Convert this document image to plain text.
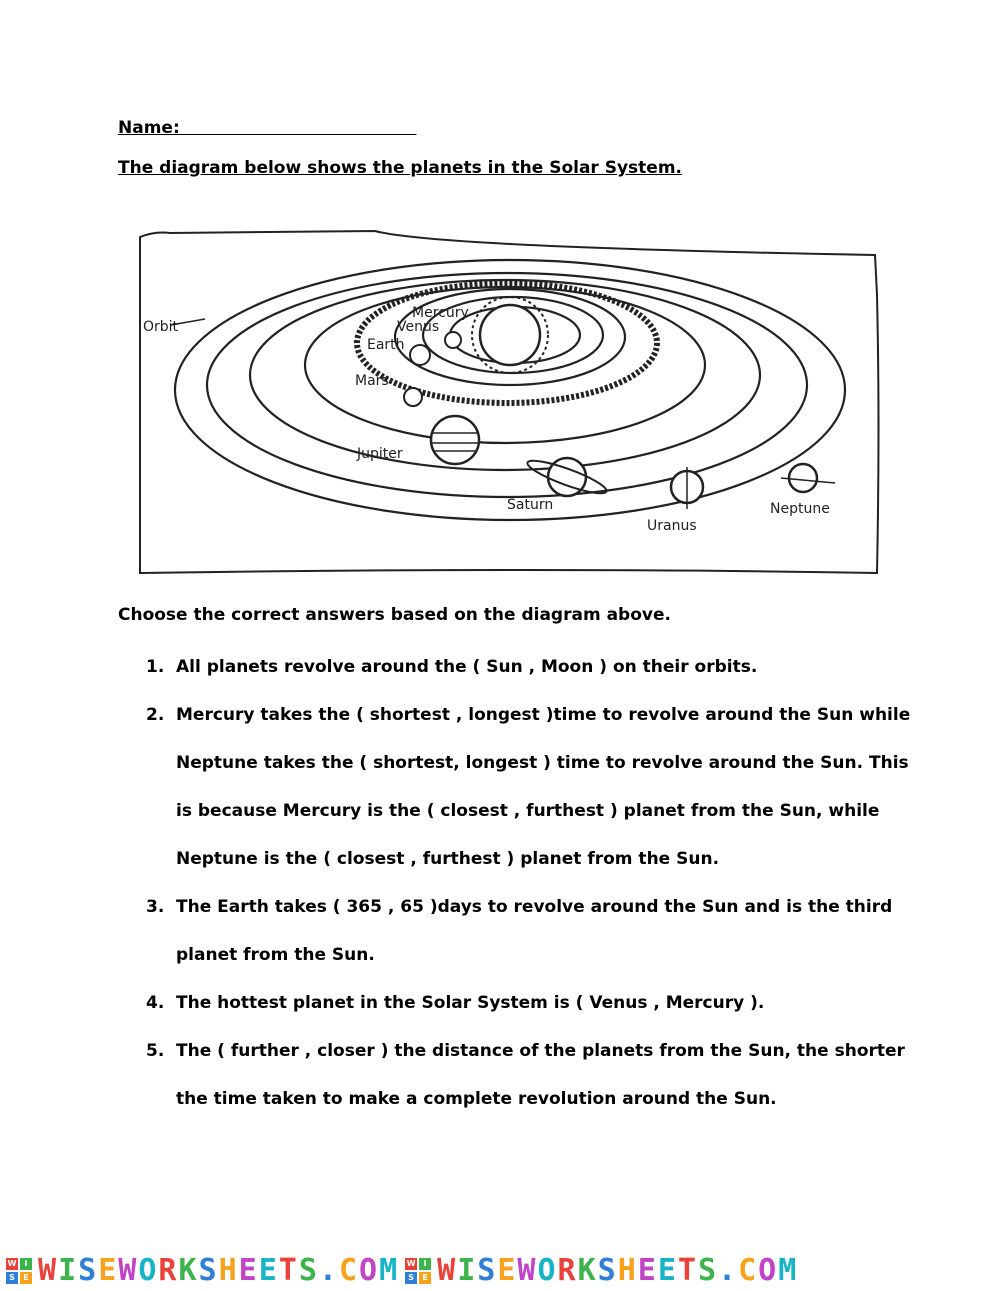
Name:
The diagram below shows the planets in the Solar System.
Orbit
Mercury
Venus
Earth
Mars
Jupiter
Saturn
Uranus
Neptune
Choose the correct answers based on the diagram above.
1. All planets revolve around the ( Sun , Moon ) on their orbits.
2. Mercury takes the ( shortest , longest )time to revolve around the Sun while
Neptune takes the ( shortest, longest ) time to revolve around the Sun. This
is because Mercury is the ( closest , furthest ) planet from the Sun, while
Neptune is the ( closest , furthest ) planet from the Sun.
3. The Earth takes ( 365 , 65 )days to revolve around the Sun and is the third
planet from the Sun.
4. The hottest planet in the Solar System is ( Venus , Mercury ).
5. The ( further , closer ) the distance of the planets from the Sun, the shorter
the time taken to make a complete revolution around the Sun.
W	I
S	E WISEWORKSHEETS.COM W	I
S	E WISEWORKSHEETS.COM
